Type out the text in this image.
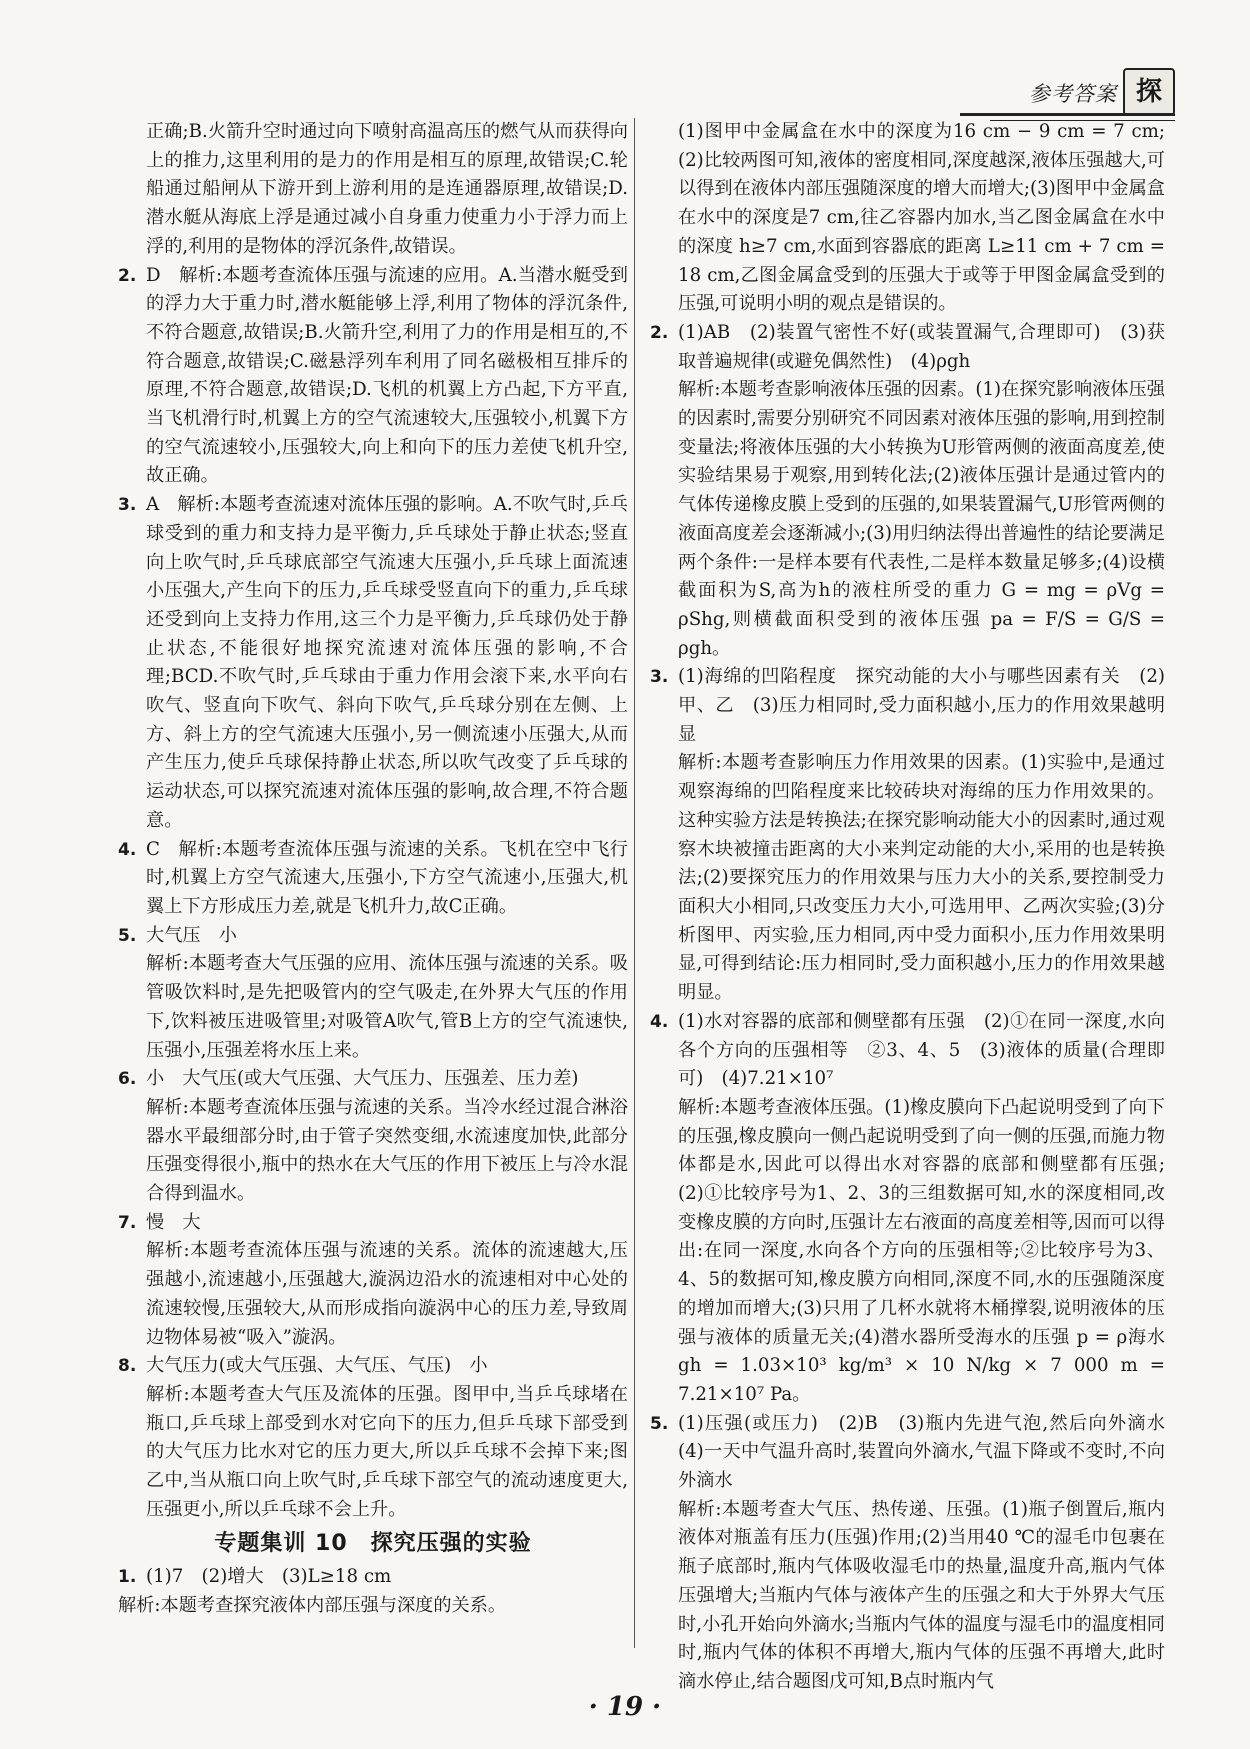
参考答案 探
正确;B.火箭升空时通过向下喷射高温高压的燃气从而获得向上的推力,这里利用的是力的作用是相互的原理,故错误;C.轮船通过船闸从下游开到上游利用的是连通器原理,故错误;D.潜水艇从海底上浮是通过减小自身重力使重力小于浮力而上浮的,利用的是物体的浮沉条件,故错误。
2. D　解析:本题考查流体压强与流速的应用。A.当潜水艇受到的浮力大于重力时,潜水艇能够上浮,利用了物体的浮沉条件,不符合题意,故错误;B.火箭升空,利用了力的作用是相互的,不符合题意,故错误;C.磁悬浮列车利用了同名磁极相互排斥的原理,不符合题意,故错误;D.飞机的机翼上方凸起,下方平直,当飞机滑行时,机翼上方的空气流速较大,压强较小,机翼下方的空气流速较小,压强较大,向上和向下的压力差使飞机升空,故正确。
3. A　解析:本题考查流速对流体压强的影响。A.不吹气时,乒乓球受到的重力和支持力是平衡力,乒乓球处于静止状态;竖直向上吹气时,乒乓球底部空气流速大压强小,乒乓球上面流速小压强大,产生向下的压力,乒乓球受竖直向下的重力,乒乓球还受到向上支持力作用,这三个力是平衡力,乒乓球仍处于静止状态,不能很好地探究流速对流体压强的影响,不合理;BCD.不吹气时,乒乓球由于重力作用会滚下来,水平向右吹气、竖直向下吹气、斜向下吹气,乒乓球分别在左侧、上方、斜上方的空气流速大压强小,另一侧流速小压强大,从而产生压力,使乒乓球保持静止状态,所以吹气改变了乒乓球的运动状态,可以探究流速对流体压强的影响,故合理,不符合题意。
4. C　解析:本题考查流体压强与流速的关系。飞机在空中飞行时,机翼上方空气流速大,压强小,下方空气流速小,压强大,机翼上下方形成压力差,就是飞机升力,故C正确。
5. 大气压　小
解析:本题考查大气压强的应用、流体压强与流速的关系。吸管吸饮料时,是先把吸管内的空气吸走,在外界大气压的作用下,饮料被压进吸管里;对吸管A吹气,管B上方的空气流速快,压强小,压强差将水压上来。
6. 小　大气压(或大气压强、大气压力、压强差、压力差)
解析:本题考查流体压强与流速的关系。当冷水经过混合淋浴器水平最细部分时,由于管子突然变细,水流速度加快,此部分压强变得很小,瓶中的热水在大气压的作用下被压上与冷水混合得到温水。
7. 慢　大
解析:本题考查流体压强与流速的关系。流体的流速越大,压强越小,流速越小,压强越大,漩涡边沿水的流速相对中心处的流速较慢,压强较大,从而形成指向漩涡中心的压力差,导致周边物体易被“吸入”漩涡。
8. 大气压力(或大气压强、大气压、气压)　小
解析:本题考查大气压及流体的压强。图甲中,当乒乓球堵在瓶口,乒乓球上部受到水对它向下的压力,但乒乓球下部受到的大气压力比水对它的压力更大,所以乒乓球不会掉下来;图乙中,当从瓶口向上吹气时,乒乓球下部空气的流动速度更大,压强更小,所以乒乓球不会上升。
专题集训 10　探究压强的实验
1. (1)7　(2)增大　(3)L≥18 cm
解析:本题考查探究液体内部压强与深度的关系。
(1)图甲中金属盒在水中的深度为16 cm − 9 cm = 7 cm;(2)比较两图可知,液体的密度相同,深度越深,液体压强越大,可以得到在液体内部压强随深度的增大而增大;(3)图甲中金属盒在水中的深度是7 cm,往乙容器内加水,当乙图金属盒在水中的深度 h≥7 cm,水面到容器底的距离 L≥11 cm + 7 cm = 18 cm,乙图金属盒受到的压强大于或等于甲图金属盒受到的压强,可说明小明的观点是错误的。
2. (1)AB　(2)装置气密性不好(或装置漏气,合理即可)　(3)获取普遍规律(或避免偶然性)　(4)ρgh
解析:本题考查影响液体压强的因素。(1)在探究影响液体压强的因素时,需要分别研究不同因素对液体压强的影响,用到控制变量法;将液体压强的大小转换为U形管两侧的液面高度差,使实验结果易于观察,用到转化法;(2)液体压强计是通过管内的气体传递橡皮膜上受到的压强的,如果装置漏气,U形管两侧的液面高度差会逐渐减小;(3)用归纳法得出普遍性的结论要满足两个条件:一是样本要有代表性,二是样本数量足够多;(4)设横截面积为S,高为h的液柱所受的重力 G = mg = ρVg = ρShg,则横截面积受到的液体压强 pa = F/S = G/S = ρgh。
3. (1)海绵的凹陷程度　探究动能的大小与哪些因素有关　(2)甲、乙　(3)压力相同时,受力面积越小,压力的作用效果越明显
解析:本题考查影响压力作用效果的因素。(1)实验中,是通过观察海绵的凹陷程度来比较砖块对海绵的压力作用效果的。这种实验方法是转换法;在探究影响动能大小的因素时,通过观察木块被撞击距离的大小来判定动能的大小,采用的也是转换法;(2)要探究压力的作用效果与压力大小的关系,要控制受力面积大小相同,只改变压力大小,可选用甲、乙两次实验;(3)分析图甲、丙实验,压力相同,丙中受力面积小,压力作用效果明显,可得到结论:压力相同时,受力面积越小,压力的作用效果越明显。
4. (1)水对容器的底部和侧壁都有压强　(2)①在同一深度,水向各个方向的压强相等　②3、4、5　(3)液体的质量(合理即可)　(4)7.21×10⁷
解析:本题考查液体压强。(1)橡皮膜向下凸起说明受到了向下的压强,橡皮膜向一侧凸起说明受到了向一侧的压强,而施力物体都是水,因此可以得出水对容器的底部和侧壁都有压强;(2)①比较序号为1、2、3的三组数据可知,水的深度相同,改变橡皮膜的方向时,压强计左右液面的高度差相等,因而可以得出:在同一深度,水向各个方向的压强相等;②比较序号为3、4、5的数据可知,橡皮膜方向相同,深度不同,水的压强随深度的增加而增大;(3)只用了几杯水就将木桶撑裂,说明液体的压强与液体的质量无关;(4)潜水器所受海水的压强 p = ρ海水gh = 1.03×10³ kg/m³ × 10 N/kg × 7 000 m = 7.21×10⁷ Pa。
5. (1)压强(或压力)　(2)B　(3)瓶内先进气泡,然后向外滴水　(4)一天中气温升高时,装置向外滴水,气温下降或不变时,不向外滴水
解析:本题考查大气压、热传递、压强。(1)瓶子倒置后,瓶内液体对瓶盖有压力(压强)作用;(2)当用40 ℃的湿毛巾包裹在瓶子底部时,瓶内气体吸收湿毛巾的热量,温度升高,瓶内气体压强增大;当瓶内气体与液体产生的压强之和大于外界大气压时,小孔开始向外滴水;当瓶内气体的温度与湿毛巾的温度相同时,瓶内气体的体积不再增大,瓶内气体的压强不再增大,此时滴水停止,结合题图戊可知,B点时瓶内气
· 19 ·
